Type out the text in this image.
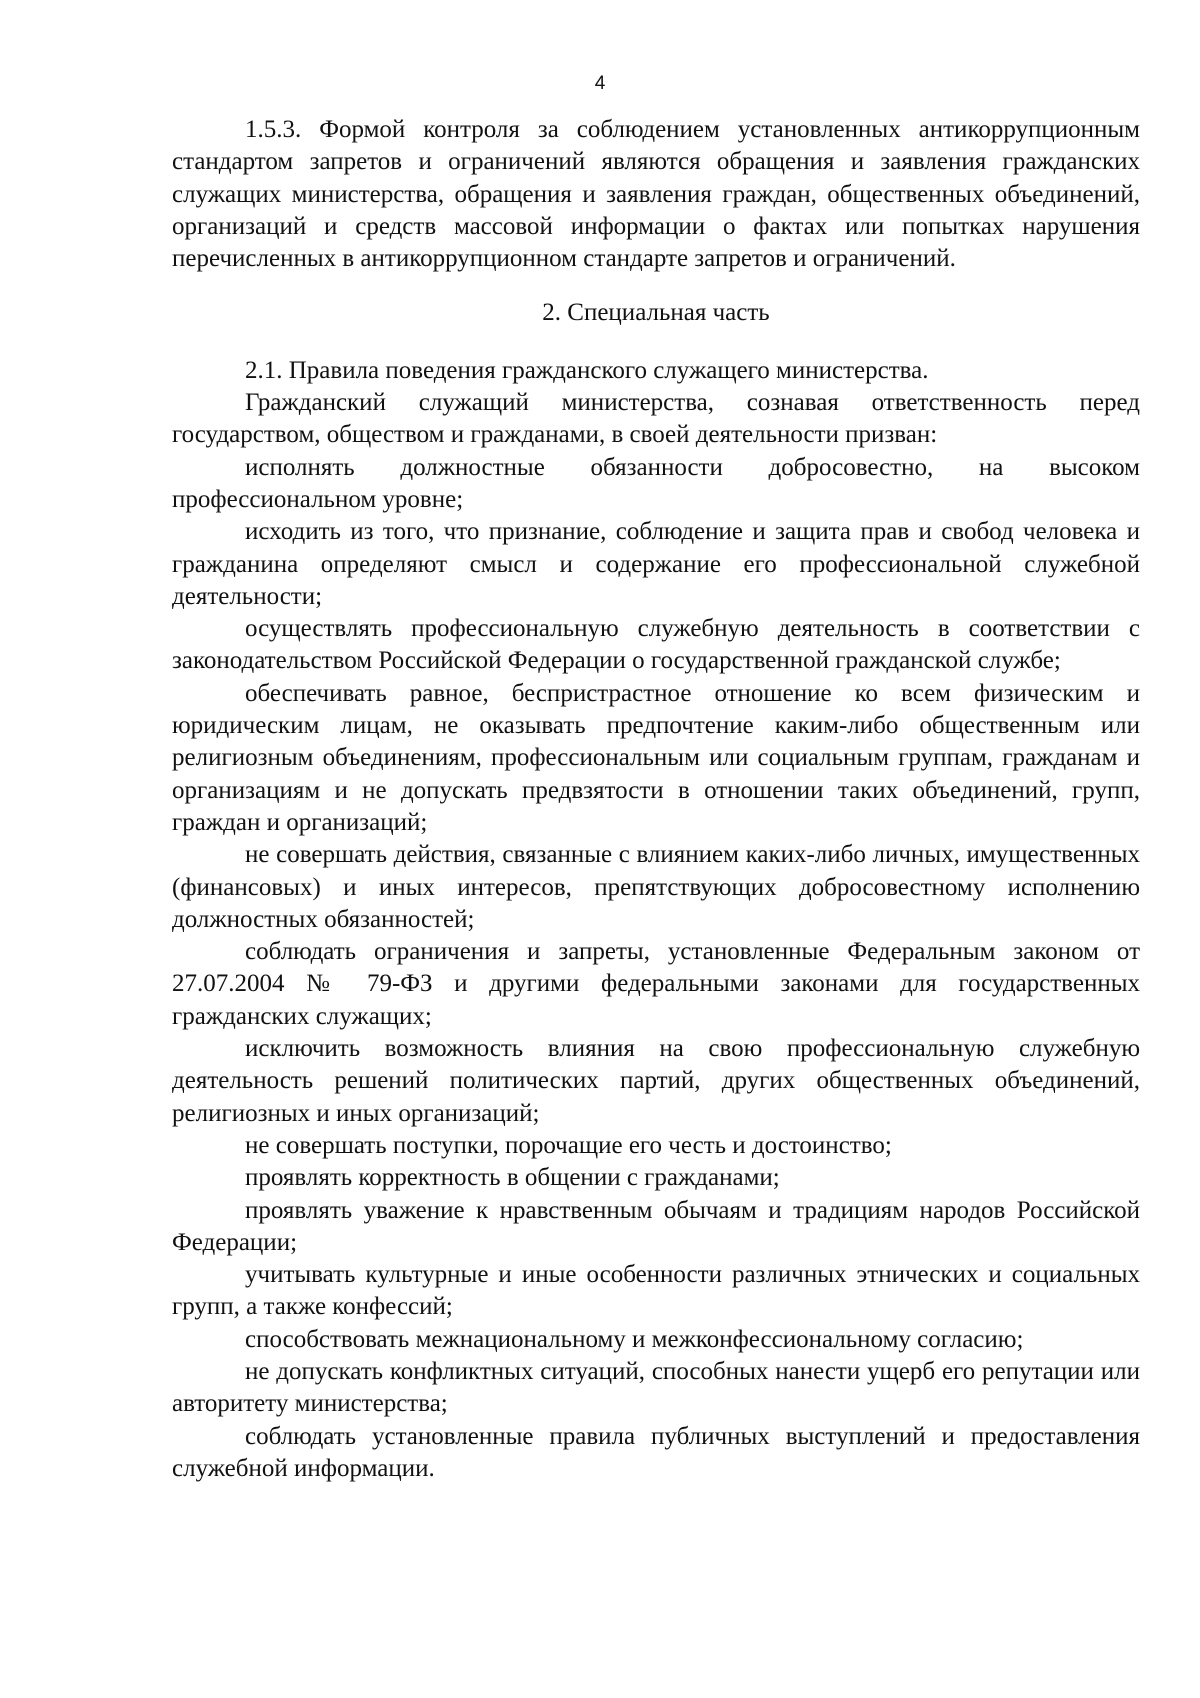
4

1.5.3. Формой контроля за соблюдением установленных антикоррупционным стандартом запретов и ограничений являются обращения и заявления гражданских служащих министерства, обращения и заявления граждан, общественных объединений, организаций и средств массовой информации о фактах или попытках нарушения перечисленных в антикоррупционном стандарте запретов и ограничений.

2. Специальная часть

2.1. Правила поведения гражданского служащего министерства.

Гражданский служащий министерства, сознавая ответственность перед государством, обществом и гражданами, в своей деятельности призван:

исполнять должностные обязанности добросовестно, на высоком профессиональном уровне;

исходить из того, что признание, соблюдение и защита прав и свобод человека и гражданина определяют смысл и содержание его профессиональной служебной деятельности;

осуществлять профессиональную служебную деятельность в соответствии с законодательством Российской Федерации о государственной гражданской службе;

обеспечивать равное, беспристрастное отношение ко всем физическим и юридическим лицам, не оказывать предпочтение каким-либо общественным или религиозным объединениям, профессиональным или социальным группам, гражданам и организациям и не допускать предвзятости в отношении таких объединений, групп, граждан и организаций;

не совершать действия, связанные с влиянием каких-либо личных, имущественных (финансовых) и иных интересов, препятствующих добросовестному исполнению должностных обязанностей;

соблюдать ограничения и запреты, установленные Федеральным законом от 27.07.2004 № 79-ФЗ и другими федеральными законами для государственных гражданских служащих;

исключить возможность влияния на свою профессиональную служебную деятельность решений политических партий, других общественных объединений, религиозных и иных организаций;

не совершать поступки, порочащие его честь и достоинство;

проявлять корректность в общении с гражданами;

проявлять уважение к нравственным обычаям и традициям народов Российской Федерации;

учитывать культурные и иные особенности различных этнических и социальных групп, а также конфессий;

способствовать межнациональному и межконфессиональному согласию;

не допускать конфликтных ситуаций, способных нанести ущерб его репутации или авторитету министерства;

соблюдать установленные правила публичных выступлений и предоставления служебной информации.
